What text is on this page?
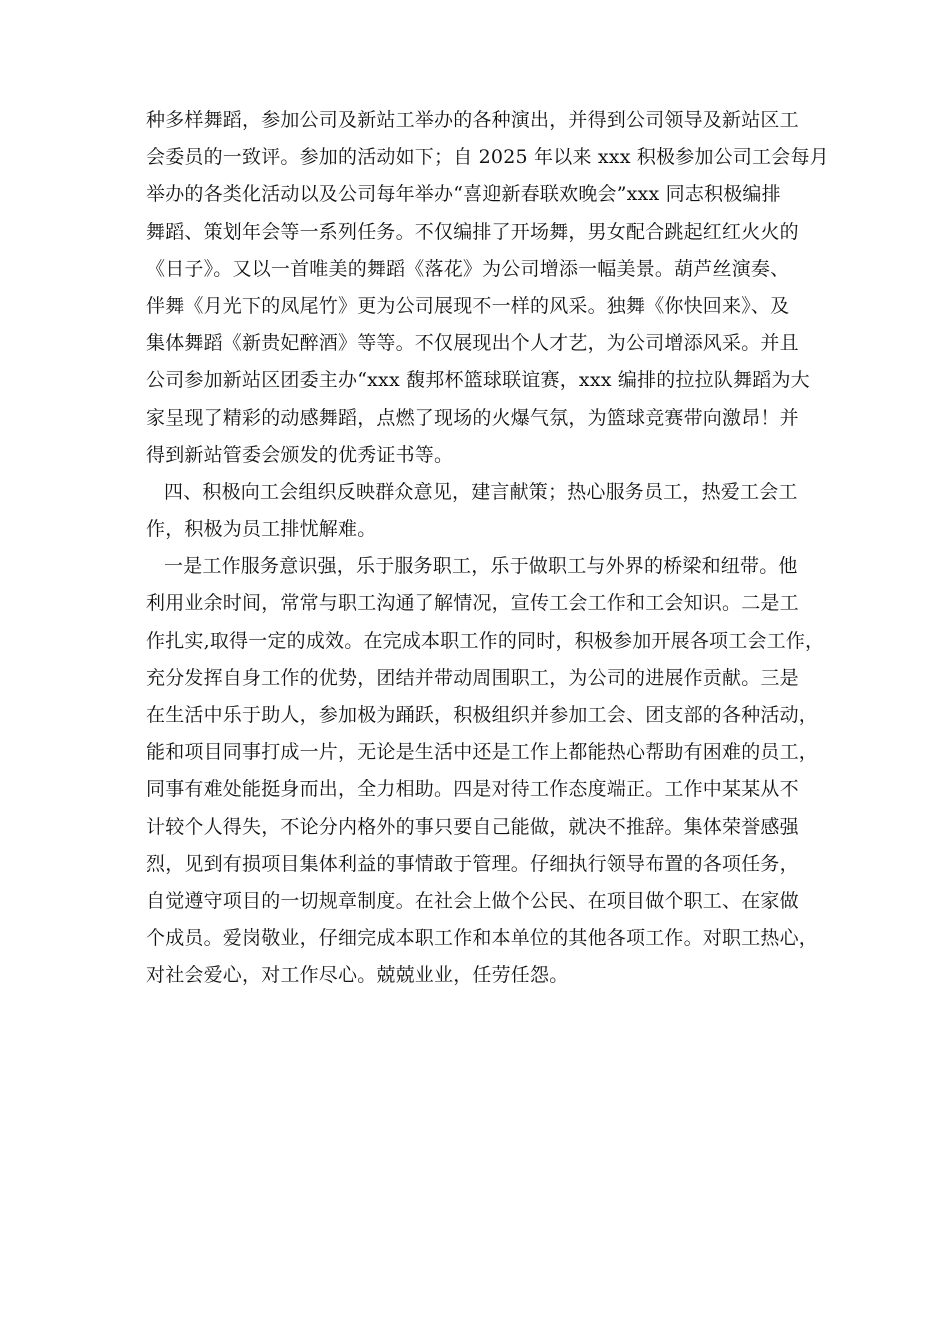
种多样舞蹈，参加公司及新站工举办的各种演出，并得到公司领导及新站区工
会委员的一致评。参加的活动如下；自 2025 年以来 xxx 积极参加公司工会每月
举办的各类化活动以及公司每年举办“喜迎新春联欢晚会”xxx 同志积极编排
舞蹈、策划年会等一系列任务。不仅编排了开场舞，男女配合跳起红红火火的
《日子》。又以一首唯美的舞蹈《落花》为公司增添一幅美景。葫芦丝演奏、
伴舞《月光下的凤尾竹》更为公司展现不一样的风采。独舞《你快回来》、及
集体舞蹈《新贵妃醉酒》等等。不仅展现出个人才艺，为公司增添风采。并且
公司参加新站区团委主办“xxx 馥邦杯篮球联谊赛，xxx 编排的拉拉队舞蹈为大
家呈现了精彩的动感舞蹈，点燃了现场的火爆气氛，为篮球竞赛带向激昂！并
得到新站管委会颁发的优秀证书等。
四、积极向工会组织反映群众意见，建言献策；热心服务员工，热爱工会工
作，积极为员工排忧解难。
一是工作服务意识强，乐于服务职工，乐于做职工与外界的桥梁和纽带。他
利用业余时间，常常与职工沟通了解情况，宣传工会工作和工会知识。二是工
作扎实,取得一定的成效。在完成本职工作的同时，积极参加开展各项工会工作，
充分发挥自身工作的优势，团结并带动周围职工，为公司的进展作贡献。三是
在生活中乐于助人，参加极为踊跃，积极组织并参加工会、团支部的各种活动，
能和项目同事打成一片，无论是生活中还是工作上都能热心帮助有困难的员工，
同事有难处能挺身而出，全力相助。四是对待工作态度端正。工作中某某从不
计较个人得失，不论分内格外的事只要自己能做，就决不推辞。集体荣誉感强
烈，见到有损项目集体利益的事情敢于管理。仔细执行领导布置的各项任务，
自觉遵守项目的一切规章制度。在社会上做个公民、在项目做个职工、在家做
个成员。爱岗敬业，仔细完成本职工作和本单位的其他各项工作。对职工热心，
对社会爱心，对工作尽心。兢兢业业，任劳任怨。
